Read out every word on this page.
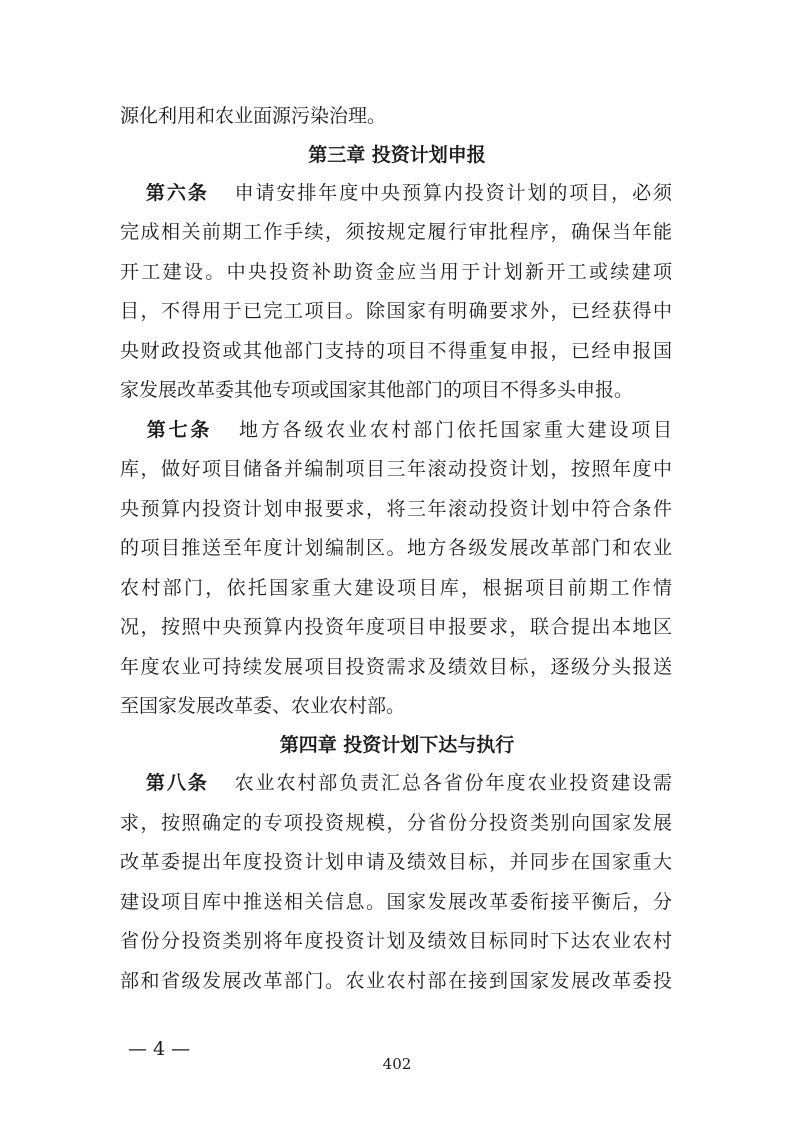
源化利用和农业面源污染治理。
第三章 投资计划申报
第六条 申请安排年度中央预算内投资计划的项目，必须
完成相关前期工作手续，须按规定履行审批程序，确保当年能
开工建设。中央投资补助资金应当用于计划新开工或续建项
目，不得用于已完工项目。除国家有明确要求外，已经获得中
央财政投资或其他部门支持的项目不得重复申报，已经申报国
家发展改革委其他专项或国家其他部门的项目不得多头申报。
第七条 地方各级农业农村部门依托国家重大建设项目
库，做好项目储备并编制项目三年滚动投资计划，按照年度中
央预算内投资计划申报要求，将三年滚动投资计划中符合条件
的项目推送至年度计划编制区。地方各级发展改革部门和农业
农村部门，依托国家重大建设项目库，根据项目前期工作情
况，按照中央预算内投资年度项目申报要求，联合提出本地区
年度农业可持续发展项目投资需求及绩效目标，逐级分头报送
至国家发展改革委、农业农村部。
第四章 投资计划下达与执行
第八条 农业农村部负责汇总各省份年度农业投资建设需
求，按照确定的专项投资规模，分省份分投资类别向国家发展
改革委提出年度投资计划申请及绩效目标，并同步在国家重大
建设项目库中推送相关信息。国家发展改革委衔接平衡后，分
省份分投资类别将年度投资计划及绩效目标同时下达农业农村
部和省级发展改革部门。农业农村部在接到国家发展改革委投
— 4 —
402
